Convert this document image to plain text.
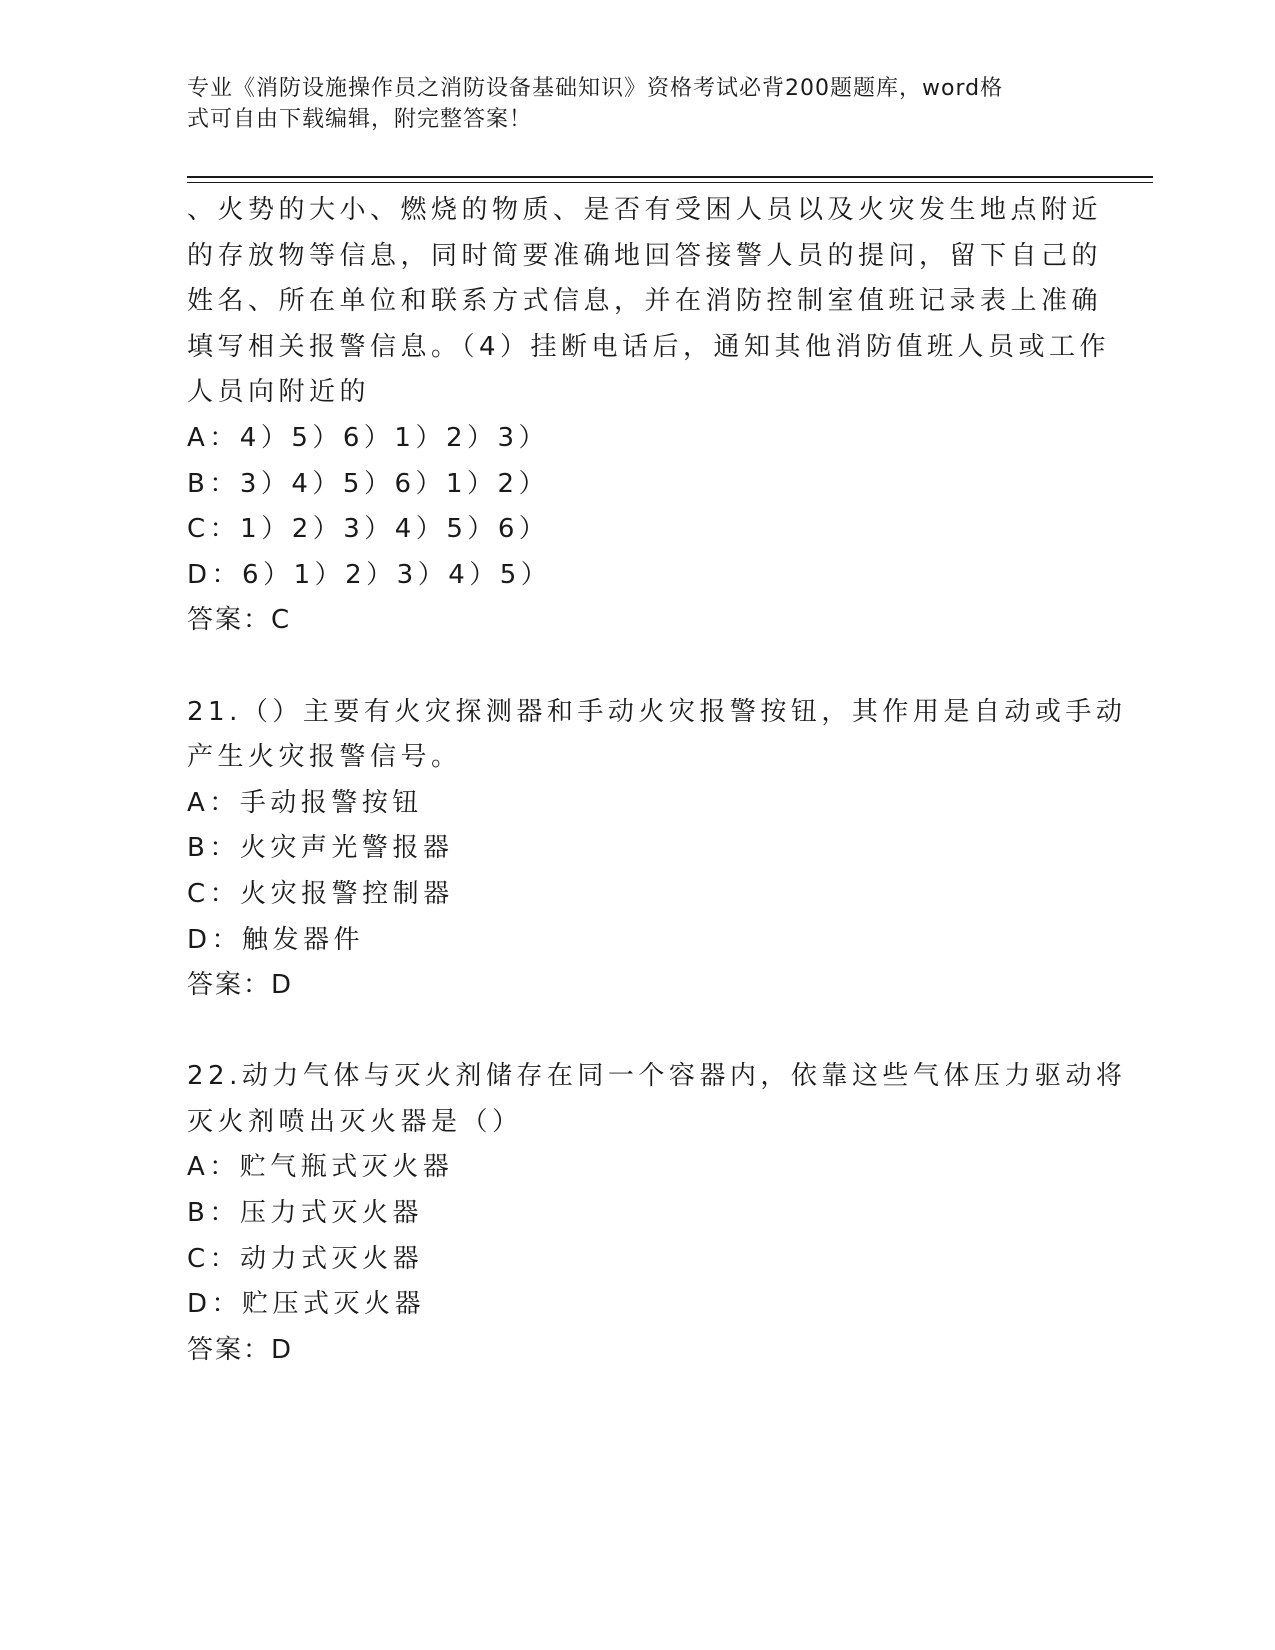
专业《消防设施操作员之消防设备基础知识》资格考试必背200题题库，word格
式可自由下载编辑，附完整答案！
、火势的大小、燃烧的物质、是否有受困人员以及火灾发生地点附近
的存放物等信息，同时简要准确地回答接警人员的提问，留下自己的
姓名、所在单位和联系方式信息，并在消防控制室值班记录表上准确
填写相关报警信息。（4）挂断电话后，通知其他消防值班人员或工作
人员向附近的
A：4）5）6）1）2）3）
B：3）4）5）6）1）2）
C：1）2）3）4）5）6）
D：6）1）2）3）4）5）
答案：C
21.（）主要有火灾探测器和手动火灾报警按钮，其作用是自动或手动
产生火灾报警信号。
A：手动报警按钮
B：火灾声光警报器
C：火灾报警控制器
D：触发器件
答案：D
22.动力气体与灭火剂储存在同一个容器内，依靠这些气体压力驱动将
灭火剂喷出灭火器是（）
A：贮气瓶式灭火器
B：压力式灭火器
C：动力式灭火器
D：贮压式灭火器
答案：D
